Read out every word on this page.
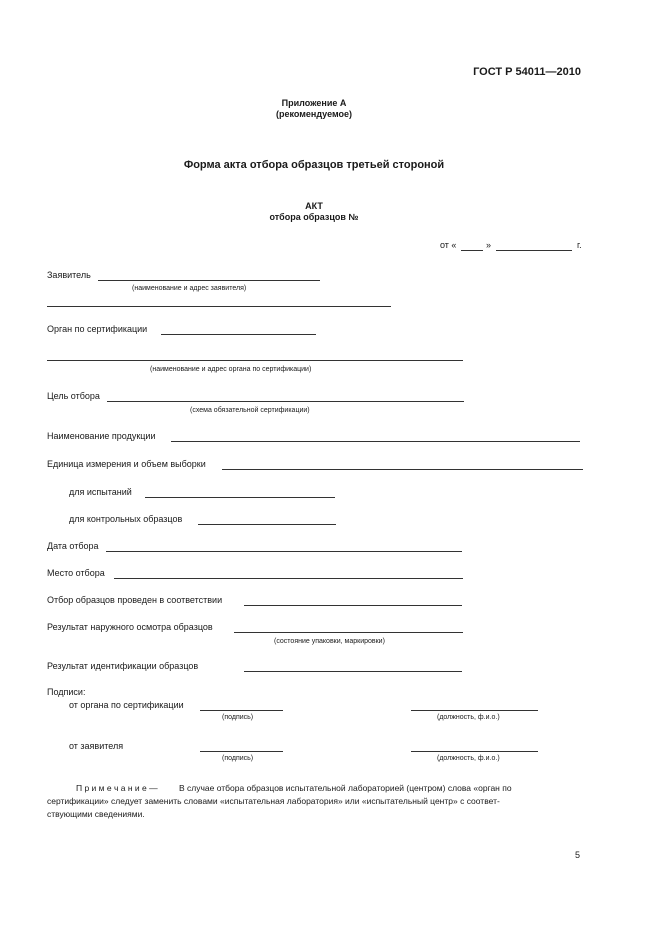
ГОСТ Р 54011—2010
Приложение А
(рекомендуемое)
Форма акта отбора образцов третьей стороной
АКТ
отбора образцов №
от «	»	г.
Заявитель
(наименование и адрес заявителя)
Орган по сертификации
(наименование и адрес органа по сертификации)
Цель отбора
(схема обязательной сертификации)
Наименование продукции
Единица измерения и объем выборки
для испытаний
для контрольных образцов
Дата отбора
Место отбора
Отбор образцов проведен в соответствии
Результат наружного осмотра образцов
(состояние упаковки, маркировки)
Результат идентификации образцов
Подписи:
от органа по сертификации
(подпись)	(должность, ф.и.о.)
от заявителя
(подпись)	(должность, ф.и.о.)
П р и м е ч а н и е —	В случае отбора образцов испытательной лабораторией (центром) слова «орган по
сертификации» следует заменить словами «испытательная лаборатория» или «испытательный центр» с соответ-
ствующими сведениями.
5
